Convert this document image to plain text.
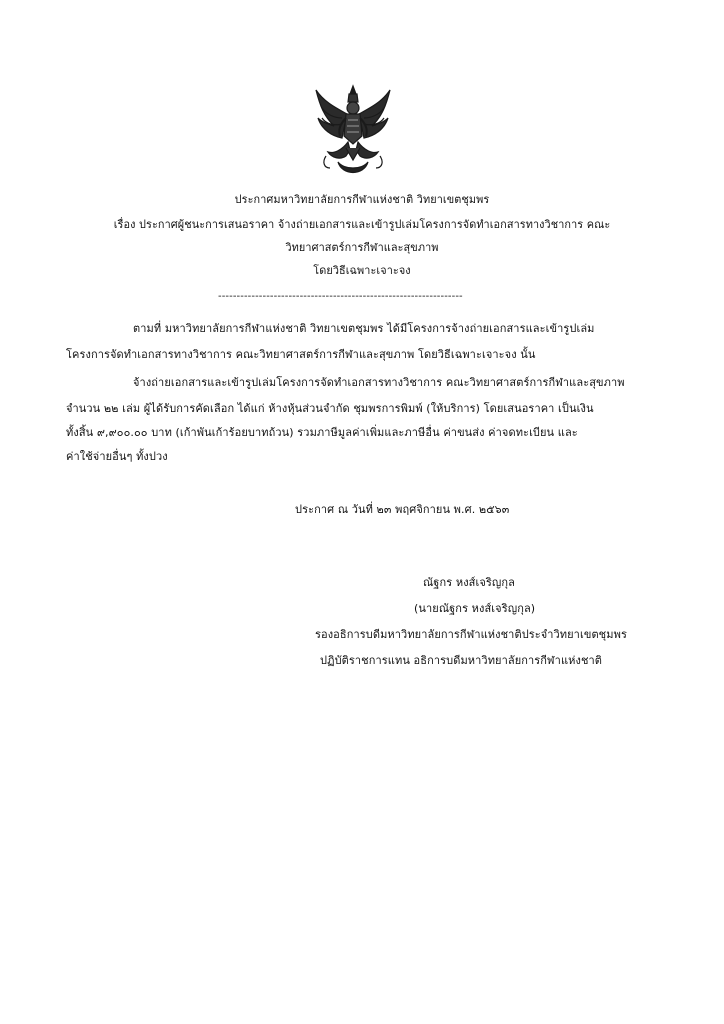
ประกาศมหาวิทยาลัยการกีฬาแห่งชาติ วิทยาเขตชุมพร
เรื่อง ประกาศผู้ชนะการเสนอราคา จ้างถ่ายเอกสารและเข้ารูปเล่มโครงการจัดทำเอกสารทางวิชาการ คณะ
วิทยาศาสตร์การกีฬาและสุขภาพ
โดยวิธีเฉพาะเจาะจง
------------------------------------------------------------------
ตามที่ มหาวิทยาลัยการกีฬาแห่งชาติ วิทยาเขตชุมพร ได้มีโครงการจ้างถ่ายเอกสารและเข้ารูปเล่ม
โครงการจัดทำเอกสารทางวิชาการ คณะวิทยาศาสตร์การกีฬาและสุขภาพ โดยวิธีเฉพาะเจาะจง นั้น
จ้างถ่ายเอกสารและเข้ารูปเล่มโครงการจัดทำเอกสารทางวิชาการ คณะวิทยาศาสตร์การกีฬาและสุขภาพ
จำนวน ๒๒ เล่ม ผู้ได้รับการคัดเลือก ได้แก่ ห้างหุ้นส่วนจำกัด ชุมพรการพิมพ์ (ให้บริการ) โดยเสนอราคา เป็นเงิน
ทั้งสิ้น ๙,๙๐๐.๐๐ บาท (เก้าพันเก้าร้อยบาทถ้วน) รวมภาษีมูลค่าเพิ่มและภาษีอื่น ค่าขนส่ง ค่าจดทะเบียน และ
ค่าใช้จ่ายอื่นๆ ทั้งปวง
ประกาศ ณ วันที่ ๒๓ พฤศจิกายน พ.ศ. ๒๕๖๓
ณัฐกร หงส์เจริญกุล
(นายณัฐกร หงส์เจริญกุล)
รองอธิการบดีมหาวิทยาลัยการกีฬาแห่งชาติประจำวิทยาเขตชุมพร
ปฏิบัติราชการแทน อธิการบดีมหาวิทยาลัยการกีฬาแห่งชาติ
